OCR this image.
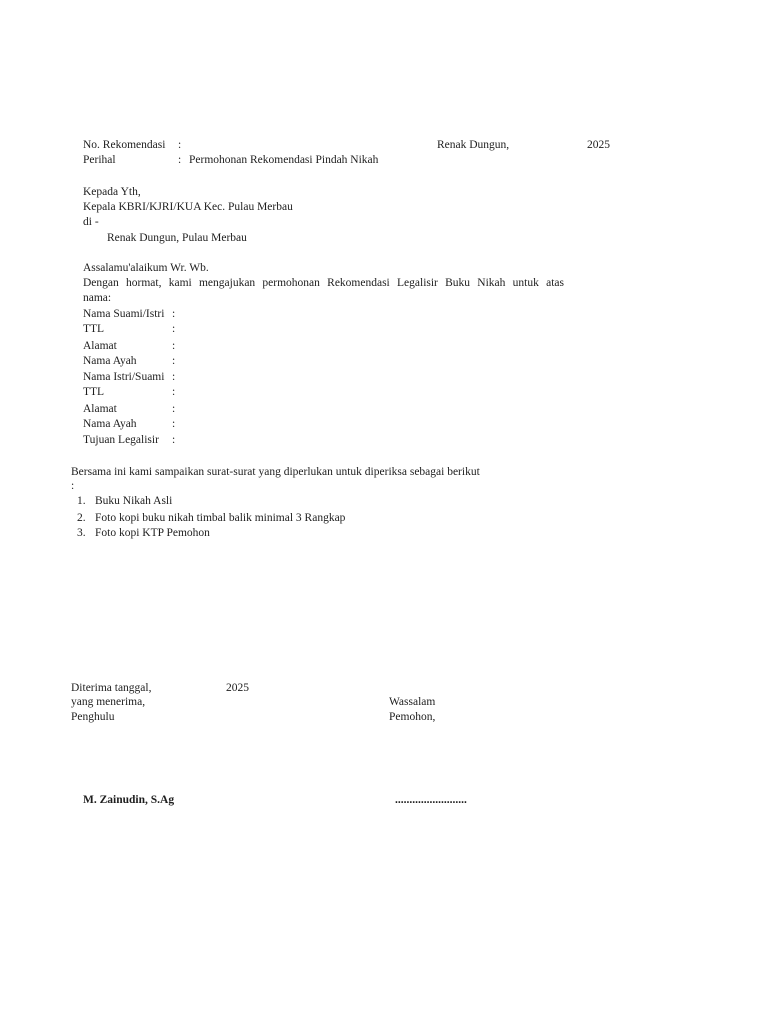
No. Rekomendasi :	Renak Dungun,	2025
Perihal	: Permohonan Rekomendasi Pindah Nikah
Kepada Yth,
Kepala KBRI/KJRI/KUA Kec. Pulau Merbau
di -
Renak Dungun, Pulau Merbau
Assalamu'alaikum Wr. Wb.
Dengan hormat, kami mengajukan permohonan Rekomendasi Legalisir Buku Nikah untuk atas
nama:
Nama Suami/Istri :
TTL	:
Alamat	:
Nama Ayah	:
Nama Istri/Suami :
TTL	:
Alamat	:
Nama Ayah	:
Tujuan Legalisir :
Bersama ini kami sampaikan surat-surat yang diperlukan untuk diperiksa sebagai berikut
:
1. Buku Nikah Asli
2. Foto kopi buku nikah timbal balik minimal 3 Rangkap
3. Foto kopi KTP Pemohon
Diterima tanggal,	2025
yang menerima,
Penghulu
Wassalam
Pemohon,
M. Zainudin, S.Ag	.........................
